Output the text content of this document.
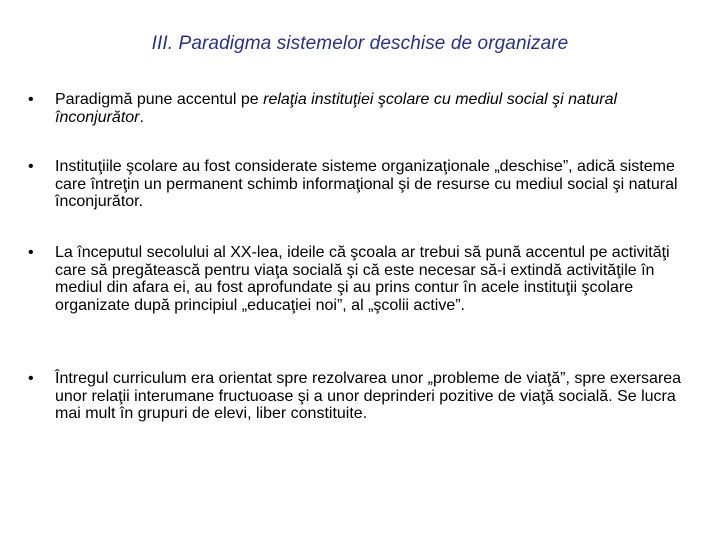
III. Paradigma sistemelor deschise de organizare
• Paradigmă pune accentul pe relaţia instituţiei şcolare cu mediul social şi natural înconjurător.

• Instituţiile şcolare au fost considerate sisteme organizaţionale „deschise”, adică sisteme care întreţin un permanent schimb informaţional şi de resurse cu mediul social şi natural înconjurător.

• La începutul secolului al XX-lea, ideile că şcoala ar trebui să pună accentul pe activităţi care să pregătească pentru viaţa socială şi că este necesar să-i extindă activităţile în mediul din afara ei, au fost aprofundate şi au prins contur în acele instituţii şcolare organizate după principiul „educaţiei noi”, al „şcolii active”.

• Întregul curriculum era orientat spre rezolvarea unor „probleme de viaţă”, spre exersarea unor relaţii interumane fructuoase şi a unor deprinderi pozitive de viaţă socială. Se lucra mai mult în grupuri de elevi, liber constituite.
